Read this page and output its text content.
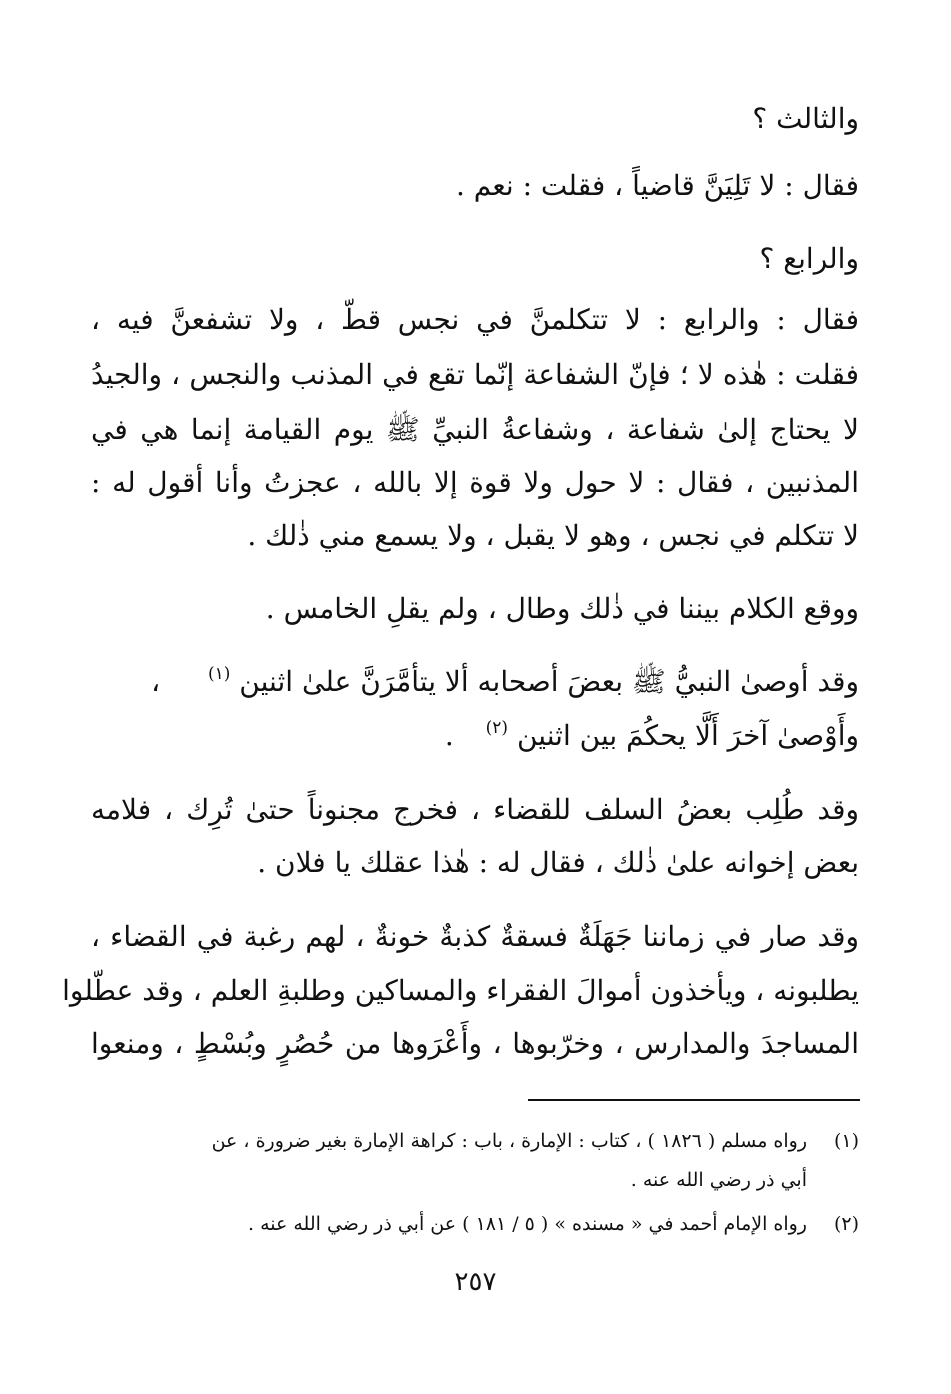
والثالث ؟
فقال : لا تَلِيَنَّ قاضياً ، فقلت : نعم .
والرابع ؟
فقال : والرابع : لا تتكلمنَّ في نجس قطّ ، ولا تشفعنَّ فيه ،
فقلت : هٰذه لا ؛ فإنّ الشفاعة إنّما تقع في المذنب والنجس ، والجيدُ
لا يحتاج إلىٰ شفاعة ، وشفاعةُ النبيِّ ﷺ يوم القيامة إنما هي في
المذنبين ، فقال : لا حول ولا قوة إلا بالله ، عجزتُ وأنا أقول له :
لا تتكلم في نجس ، وهو لا يقبل ، ولا يسمع مني ذٰلك .
ووقع الكلام بيننا في ذٰلك وطال ، ولم يقلِ الخامس .
وقد أوصىٰ النبيُّ ﷺ بعضَ أصحابه ألا يتأمَّرَنَّ علىٰ اثنين $^{(١)}$  ،
وأَوْصىٰ آخرَ أَلَّا يحكُمَ بين اثنين $^{(٢)}$  .
وقد طُلِب بعضُ السلف للقضاء ، فخرج مجنوناً حتىٰ تُرِك ، فلامه
بعض إخوانه علىٰ ذٰلك ، فقال له : هٰذا عقلك يا فلان .
وقد صار في زماننا جَهَلَةٌ فسقةٌ كذبةٌ خونةٌ ، لهم رغبة في القضاء ،
يطلبونه ، ويأخذون أموالَ الفقراء والمساكين وطلبةِ العلم ، وقد عطّلوا
المساجدَ والمدارس ، وخرّبوها ، وأَعْرَوها من حُصُرٍ وبُسْطٍ ، ومنعوا
(١)رواه مسلم ( ١٨٢٦ ) ، كتاب : الإمارة ، باب : كراهة الإمارة بغير ضرورة ، عن
أبي ذر رضي الله عنه .
(٢)رواه الإمام أحمد في « مسنده » ( ٥ / ١٨١ ) عن أبي ذر رضي الله عنه .
٢٥٧
